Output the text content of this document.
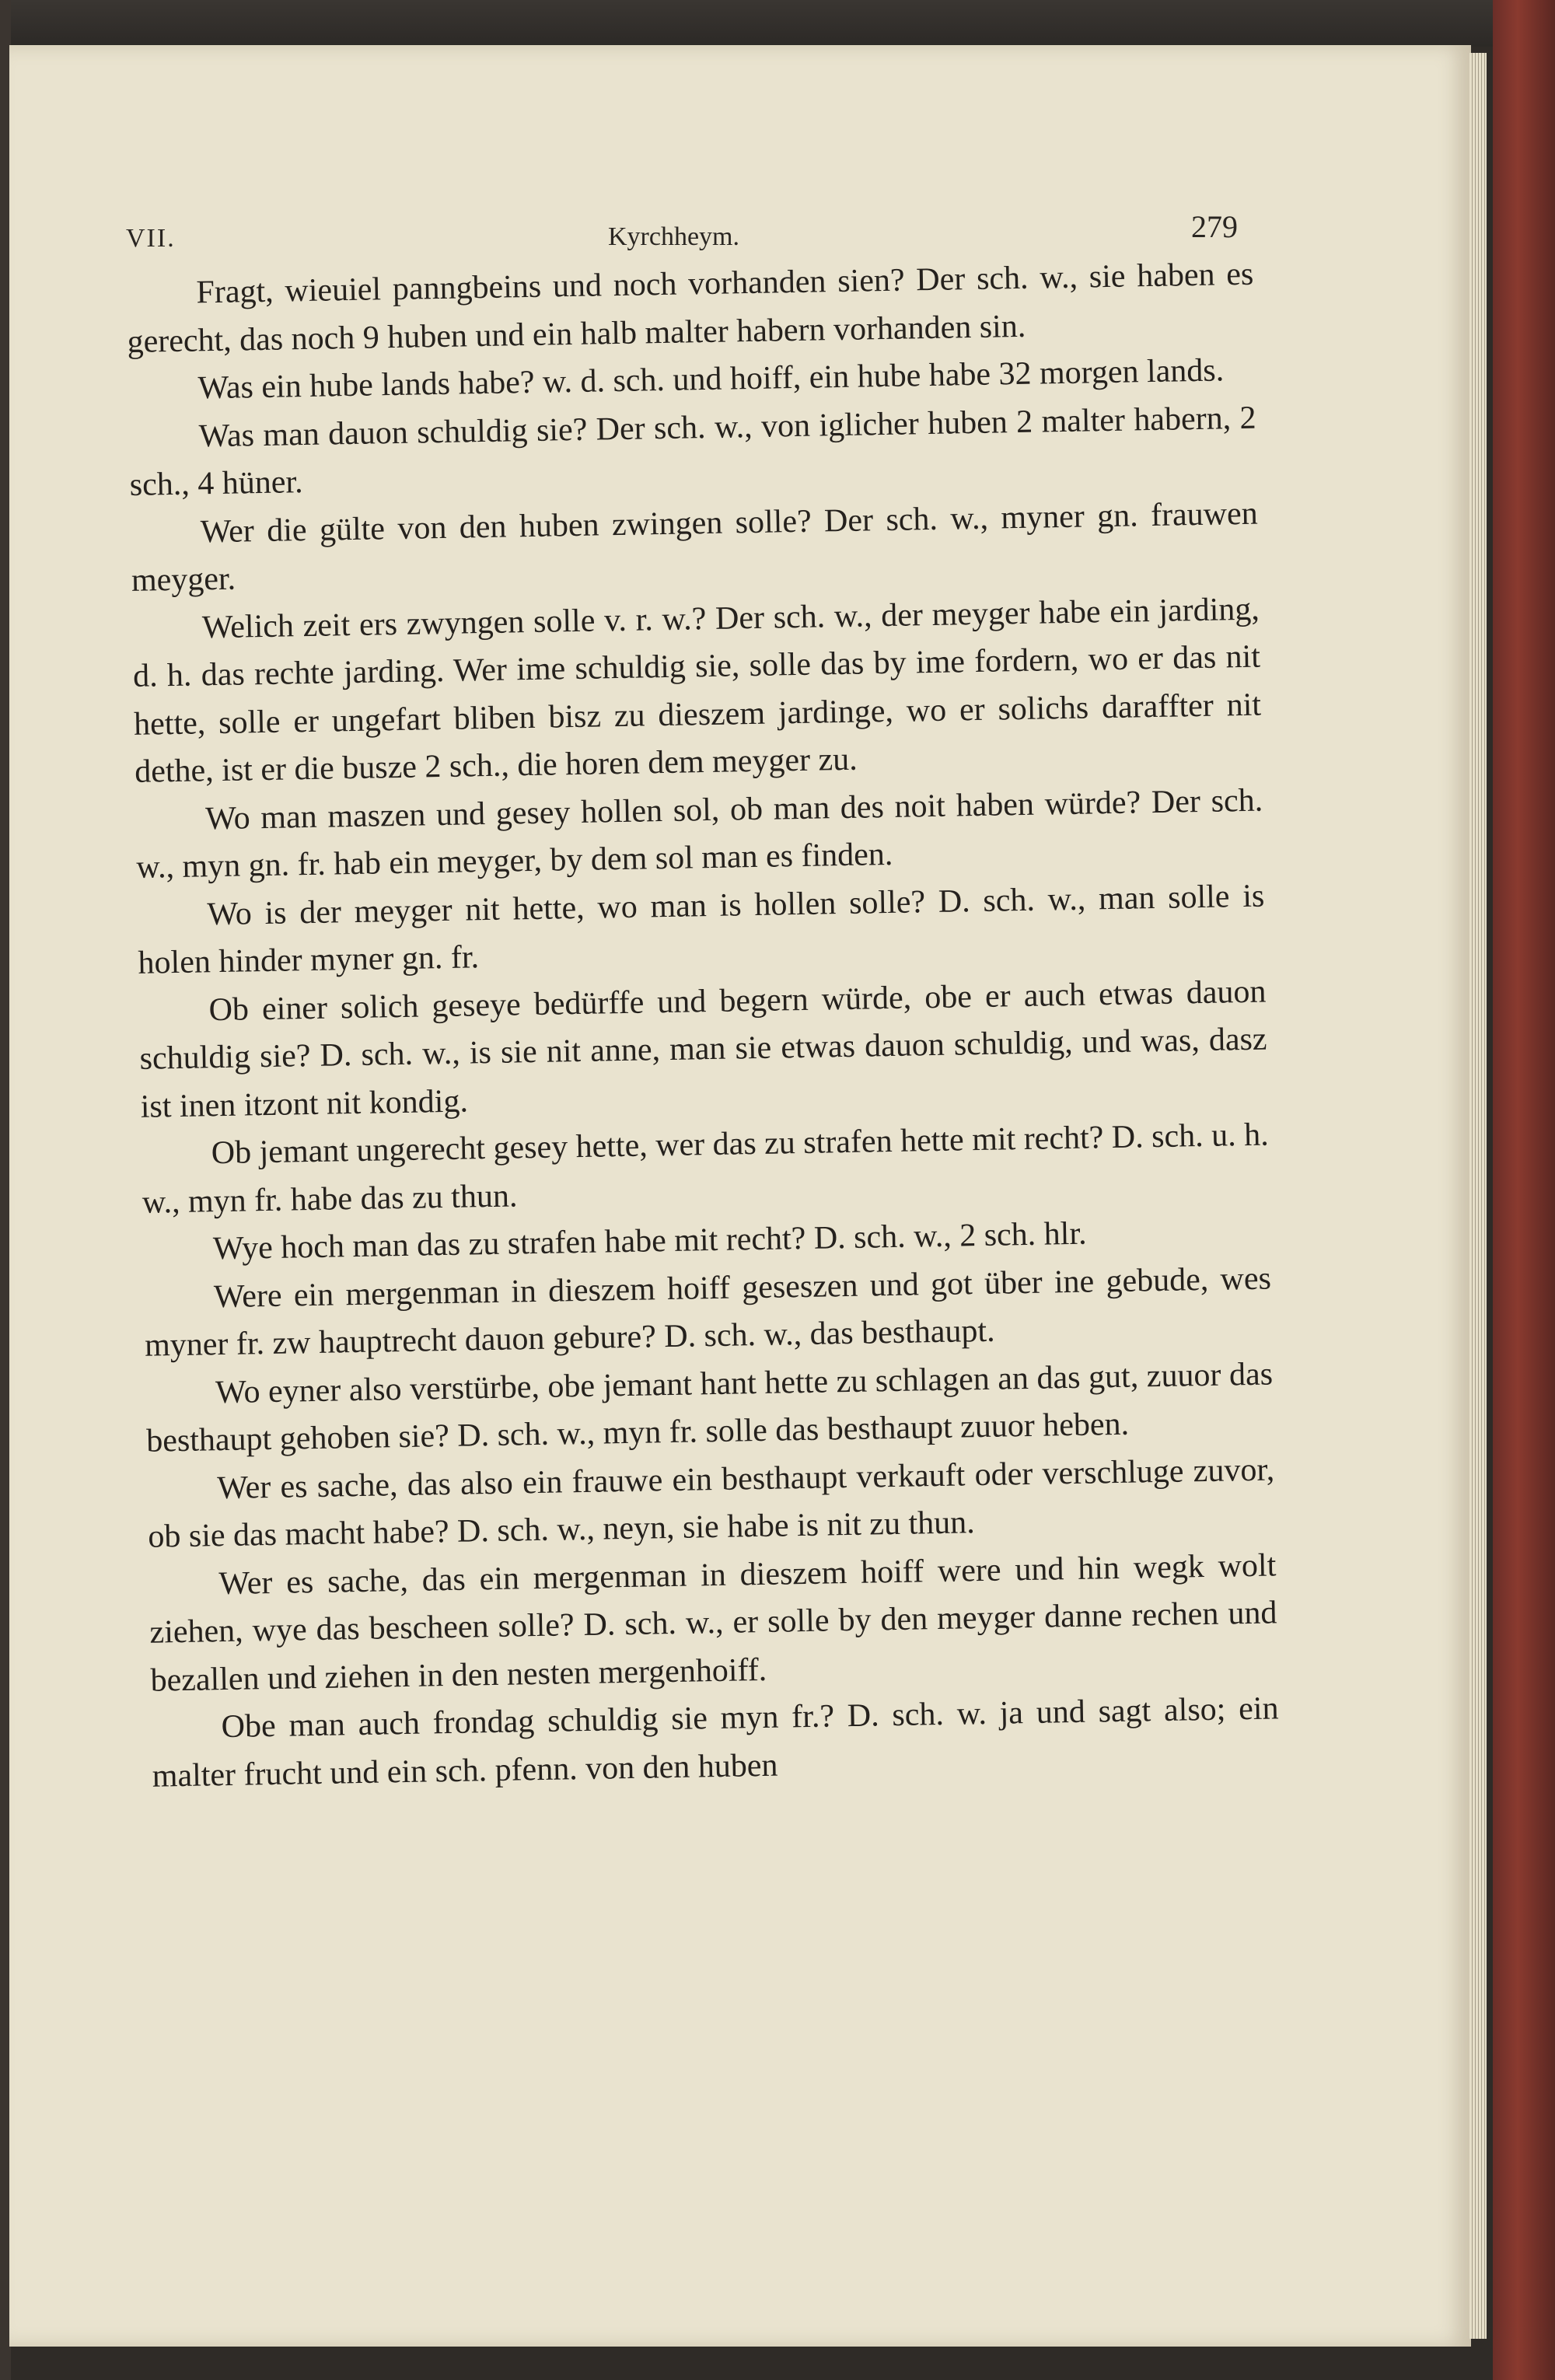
VII.	Kyrchheym.	279

Fragt, wieuiel panngbeins und noch vorhanden sien? Der sch. w., sie haben es gerecht, das noch 9 huben und ein halb malter habern vorhanden sin.

Was ein hube lands habe? w. d. sch. und hoiff, ein hube habe 32 morgen lands.

Was man dauon schuldig sie? Der sch. w., von iglicher huben 2 malter habern, 2 sch., 4 hüner.

Wer die gülte von den huben zwingen solle? Der sch. w., myner gn. frauwen meyger.

Welich zeit ers zwyngen solle v. r. w.? Der sch. w., der meyger habe ein jarding, d. h. das rechte jarding. Wer ime schuldig sie, solle das by ime fordern, wo er das nit hette, solle er ungefart bliben bisz zu dieszem jardinge, wo er solichs daraffter nit dethe, ist er die busze 2 sch., die horen dem meyger zu.

Wo man maszen und gesey hollen sol, ob man des noit haben würde? Der sch. w., myn gn. fr. hab ein meyger, by dem sol man es finden.

Wo is der meyger nit hette, wo man is hollen solle? D. sch. w., man solle is holen hinder myner gn. fr.

Ob einer solich geseye bedürffe und begern würde, obe er auch etwas dauon schuldig sie? D. sch. w., is sie nit anne, man sie etwas dauon schuldig, und was, dasz ist inen itzont nit kondig.

Ob jemant ungerecht gesey hette, wer das zu strafen hette mit recht? D. sch. u. h. w., myn fr. habe das zu thun.

Wye hoch man das zu strafen habe mit recht? D. sch. w., 2 sch. hlr.

Were ein mergenman in dieszem hoiff geseszen und got über ine gebude, wes myner fr. zw hauptrecht dauon gebure? D. sch. w., das besthaupt.

Wo eyner also verstürbe, obe jemant hant hette zu schlagen an das gut, zuuor das besthaupt gehoben sie? D. sch. w., myn fr. solle das besthaupt zuuor heben.

Wer es sache, das also ein frauwe ein besthaupt verkauft oder verschluge zuvor, ob sie das macht habe? D. sch. w., neyn, sie habe is nit zu thun.

Wer es sache, das ein mergenman in dieszem hoiff were und hin wegk wolt ziehen, wye das bescheen solle? D. sch. w., er solle by den meyger danne rechen und bezallen und ziehen in den nesten mergenhoiff.

Obe man auch frondag schuldig sie myn fr.? D. sch. w. ja und sagt also; ein malter frucht und ein sch. pfenn. von den huben
